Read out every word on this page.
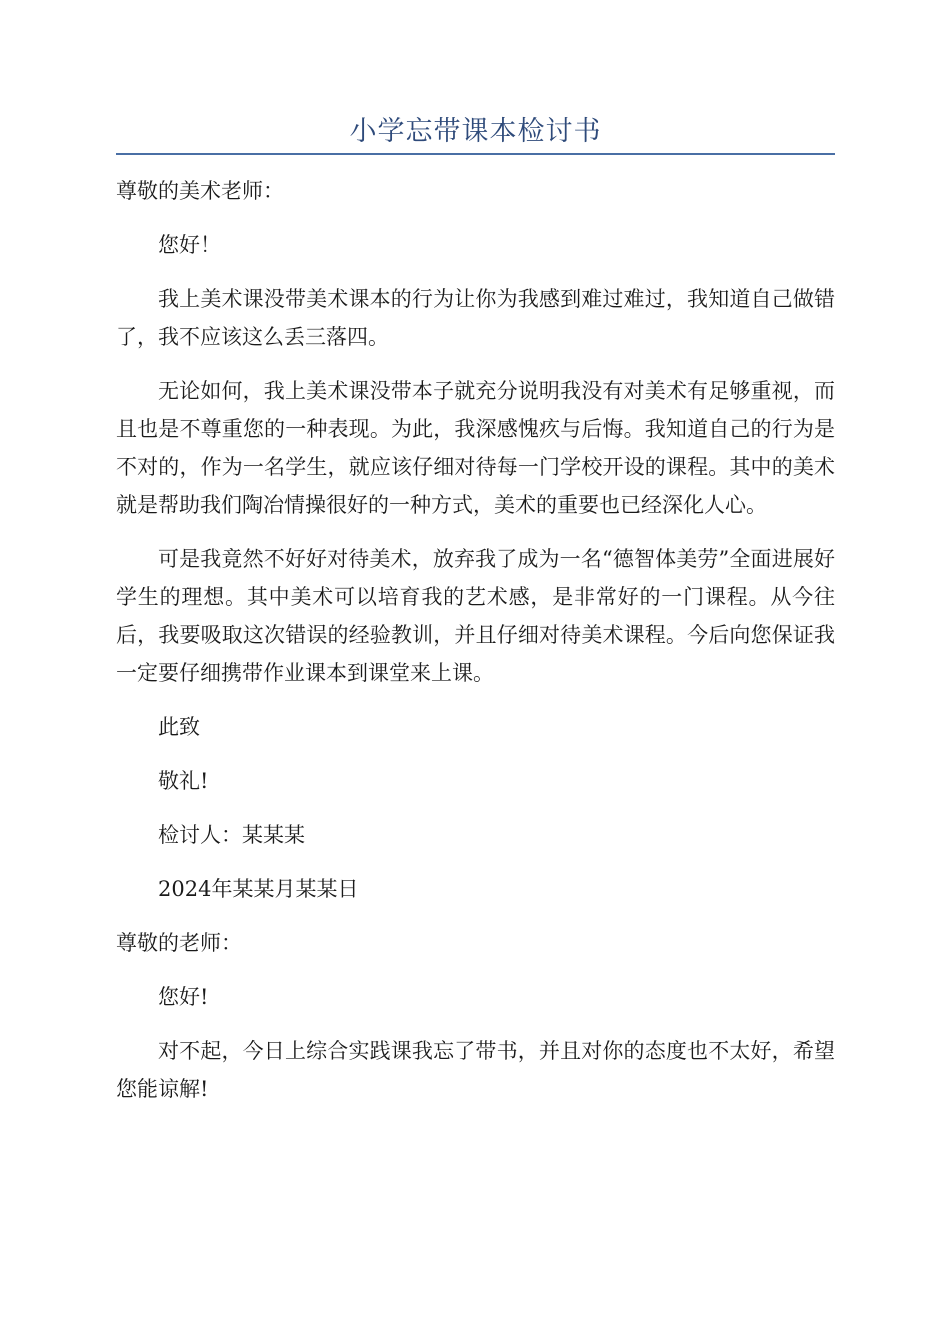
小学忘带课本检讨书

尊敬的美术老师：

您好！

我上美术课没带美术课本的行为让你为我感到难过难过，我知道自己做错了，我不应该这么丢三落四。

无论如何，我上美术课没带本子就充分说明我没有对美术有足够重视，而且也是不尊重您的一种表现。为此，我深感愧疚与后悔。我知道自己的行为是不对的，作为一名学生，就应该仔细对待每一门学校开设的课程。其中的美术就是帮助我们陶冶情操很好的一种方式，美术的重要也已经深化人心。

可是我竟然不好好对待美术，放弃我了成为一名“德智体美劳”全面进展好学生的理想。其中美术可以培育我的艺术感，是非常好的一门课程。从今往后，我要吸取这次错误的经验教训，并且仔细对待美术课程。今后向您保证我一定要仔细携带作业课本到课堂来上课。

此致

敬礼!

检讨人：某某某

2024年某某月某某日

尊敬的老师：

您好!

对不起，今日上综合实践课我忘了带书，并且对你的态度也不太好，希望您能谅解!
